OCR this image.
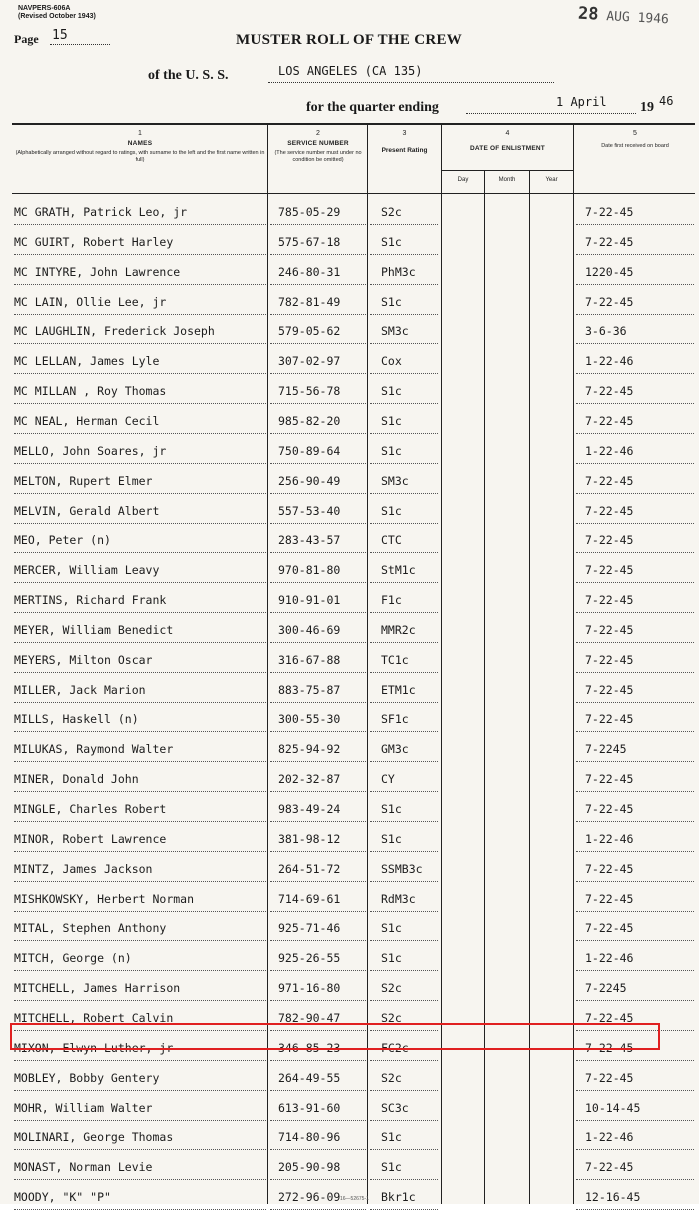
NAVPERS-606A
(Revised October 1943)	28 AUG 1946
Page 15	MUSTER ROLL OF THE CREW
of the U. S. S.	LOS ANGELES (CA 135)
for the quarter ending	1 April 19 46
1
NAMES
(Alphabetically arranged without regard to ratings, with surname to the left and the first name written in full)
2
SERVICE NUMBER
(The service number must under no condition be omitted)
3
Present Rating
4
DATE OF ENLISTMENT
Day	Month	Year
5
Date first received on board
MC GRATH, Patrick Leo, jr	785-05-29	S2c	7-22-45
MC GUIRT, Robert Harley	575-67-18	S1c	7-22-45
MC INTYRE, John Lawrence	246-80-31	PhM3c	1220-45
MC LAIN, Ollie Lee, jr	782-81-49	S1c	7-22-45
MC LAUGHLIN, Frederick Joseph	579-05-62	SM3c	3-6-36
MC LELLAN, James Lyle	307-02-97	Cox	1-22-46
MC MILLAN , Roy Thomas	715-56-78	S1c	7-22-45
MC NEAL, Herman Cecil	985-82-20	S1c	7-22-45
MELLO, John Soares, jr	750-89-64	S1c	1-22-46
MELTON, Rupert Elmer	256-90-49	SM3c	7-22-45
MELVIN, Gerald Albert	557-53-40	S1c	7-22-45
MEO, Peter (n)	283-43-57	CTC	7-22-45
MERCER, William Leavy	970-81-80	StM1c	7-22-45
MERTINS, Richard Frank	910-91-01	F1c	7-22-45
MEYER, William Benedict	300-46-69	MMR2c	7-22-45
MEYERS, Milton Oscar	316-67-88	TC1c	7-22-45
MILLER, Jack Marion	883-75-87	ETM1c	7-22-45
MILLS, Haskell (n)	300-55-30	SF1c	7-22-45
MILUKAS, Raymond Walter	825-94-92	GM3c	7-2245
MINER, Donald John	202-32-87	CY	7-22-45
MINGLE, Charles Robert	983-49-24	S1c	7-22-45
MINOR, Robert Lawrence	381-98-12	S1c	1-22-46
MINTZ, James Jackson	264-51-72	SSMB3c	7-22-45
MISHKOWSKY, Herbert Norman	714-69-61	RdM3c	7-22-45
MITAL, Stephen Anthony	925-71-46	S1c	7-22-45
MITCH, George (n)	925-26-55	S1c	1-22-46
MITCHELL, James Harrison	971-16-80	S2c	7-2245
MITCHELL, Robert Calvin	782-90-47	S2c	7-22-45
MIXON, Elwyn Luther, jr	346-85-23	FC2c	7-22-45
MOBLEY, Bobby Gentery	264-49-55	S2c	7-22-45
MOHR, William Walter	613-91-60	SC3c	10-14-45
MOLINARI, George Thomas	714-80-96	S1c	1-22-46
MONAST, Norman Levie	205-90-98	S1c	7-22-45
MOODY, "K" "P"	272-96-09	Bkr1c	12-16-45
16—52675-1
